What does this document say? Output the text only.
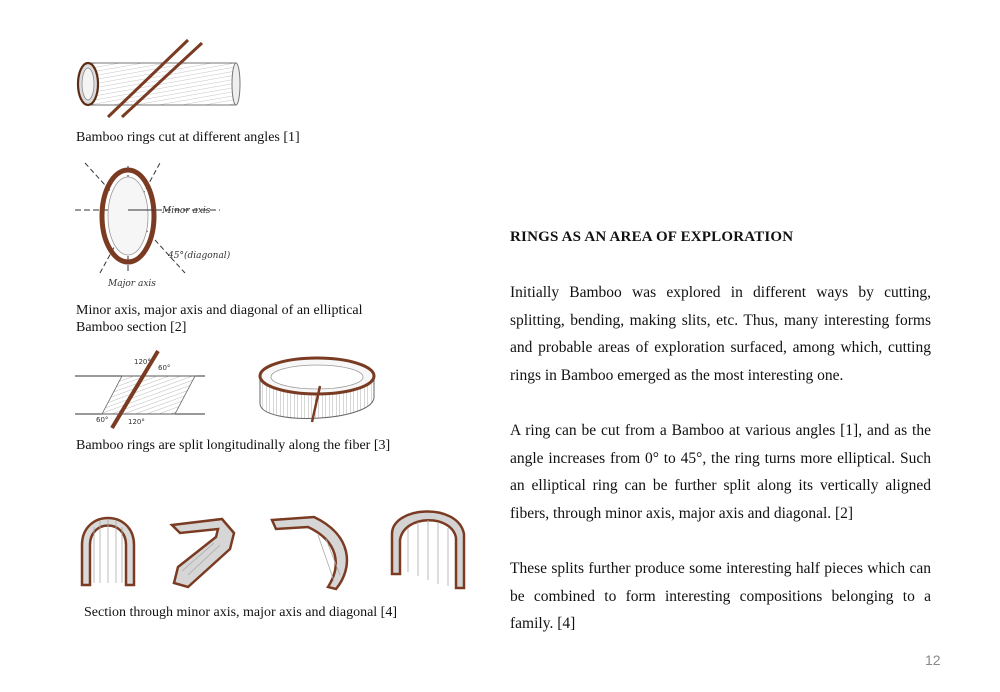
Bamboo rings cut at different angles [1]
Minor axis
45°(diagonal)
Major axis
Minor axis, major axis and diagonal of an elliptical
Bamboo section [2]
120°
60°
60°	120°
Bamboo rings are split longitudinally along the fiber [3]
Section through minor axis, major axis and diagonal [4]
RINGS AS AN AREA OF EXPLORATION
Initially Bamboo was explored in different ways by cutting, splitting, bending, making slits, etc. Thus, many interesting forms and probable areas of exploration surfaced, among which, cutting rings in Bamboo emerged as the most interesting one.
A ring can be cut from a Bamboo at various angles [1], and as the angle increases from 0° to 45°, the ring turns more elliptical. Such an elliptical ring can be further split along its vertically aligned fibers, through minor axis, major axis and diagonal. [2]
These splits further produce some interesting half pieces which can be combined to form interesting compositions belonging to a family. [4]
12
